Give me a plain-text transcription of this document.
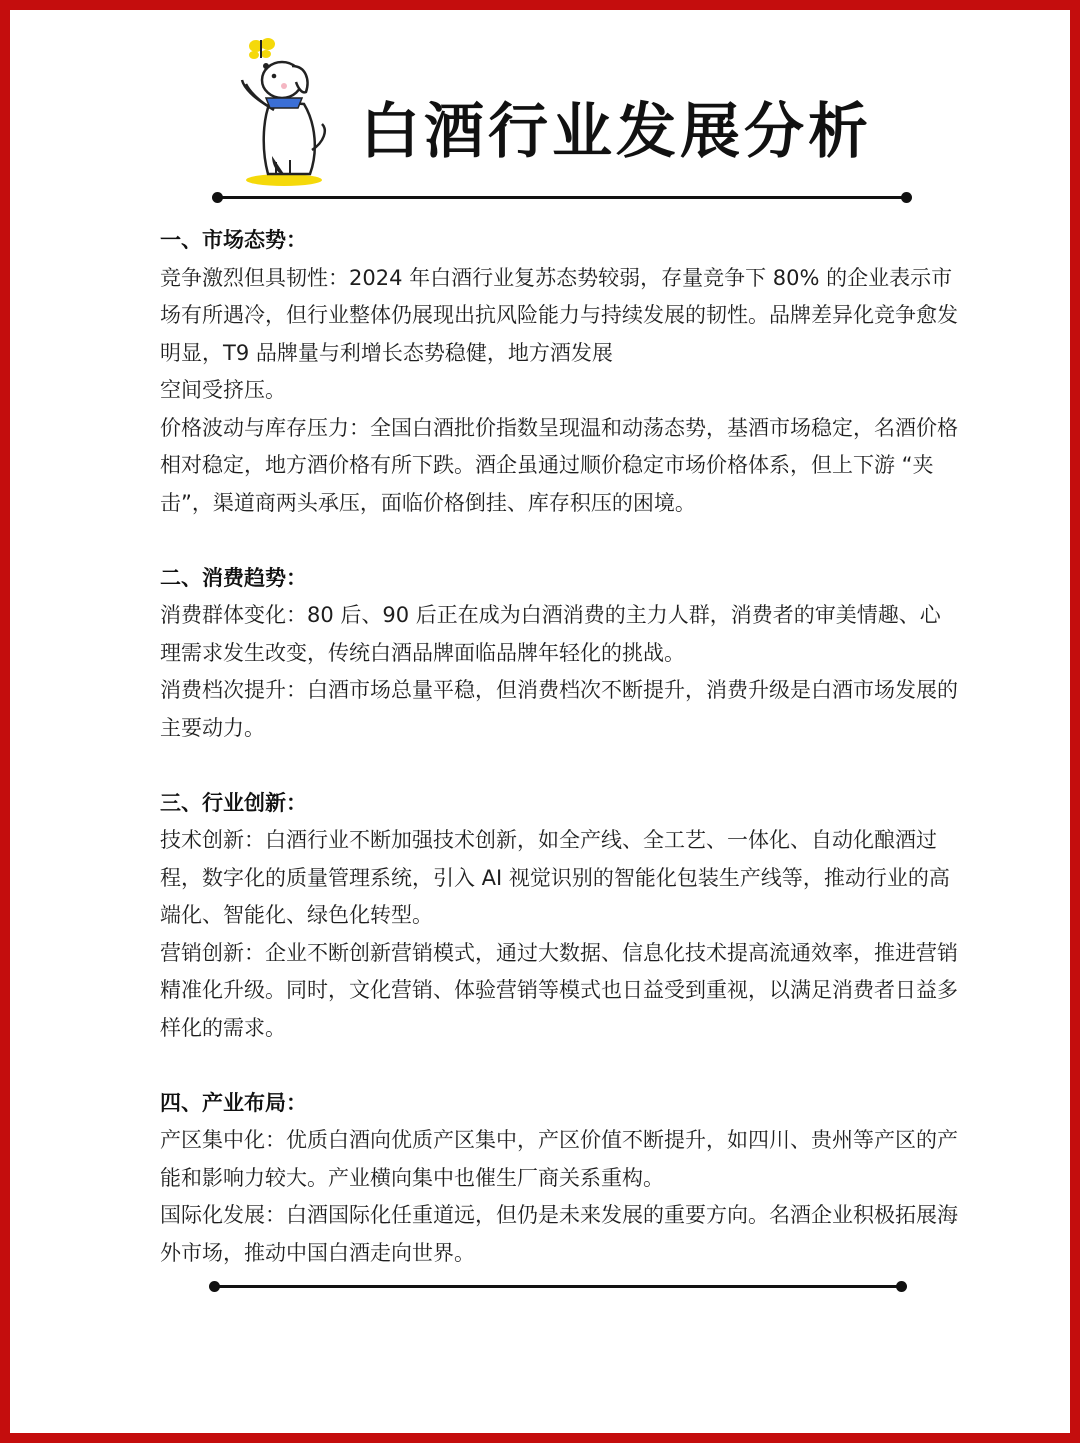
白酒行业发展分析
一、市场态势：

竞争激烈但具韧性：2024 年白酒行业复苏态势较弱，存量竞争下 80% 的企业表示市场有所遇冷，但行业整体仍展现出抗风险能力与持续发展的韧性。品牌差异化竞争愈发明显，T9 品牌量与利增长态势稳健，地方酒发展

空间受挤压。

价格波动与库存压力：全国白酒批价指数呈现温和动荡态势，基酒市场稳定，名酒价格相对稳定，地方酒价格有所下跌。酒企虽通过顺价稳定市场价格体系，但上下游 “夹击”，渠道商两头承压，面临价格倒挂、库存积压的困境。

二、消费趋势：

消费群体变化：80 后、90 后正在成为白酒消费的主力人群，消费者的审美情趣、心理需求发生改变，传统白酒品牌面临品牌年轻化的挑战。

消费档次提升：白酒市场总量平稳，但消费档次不断提升，消费升级是白酒市场发展的主要动力。

三、行业创新：

技术创新：白酒行业不断加强技术创新，如全产线、全工艺、一体化、自动化酿酒过程，数字化的质量管理系统，引入 AI 视觉识别的智能化包装生产线等，推动行业的高端化、智能化、绿色化转型。

营销创新：企业不断创新营销模式，通过大数据、信息化技术提高流通效率，推进营销精准化升级。同时，文化营销、体验营销等模式也日益受到重视，以满足消费者日益多样化的需求。

四、产业布局：

产区集中化：优质白酒向优质产区集中，产区价值不断提升，如四川、贵州等产区的产能和影响力较大。产业横向集中也催生厂商关系重构。

国际化发展：白酒国际化任重道远，但仍是未来发展的重要方向。名酒企业积极拓展海外市场，推动中国白酒走向世界。
